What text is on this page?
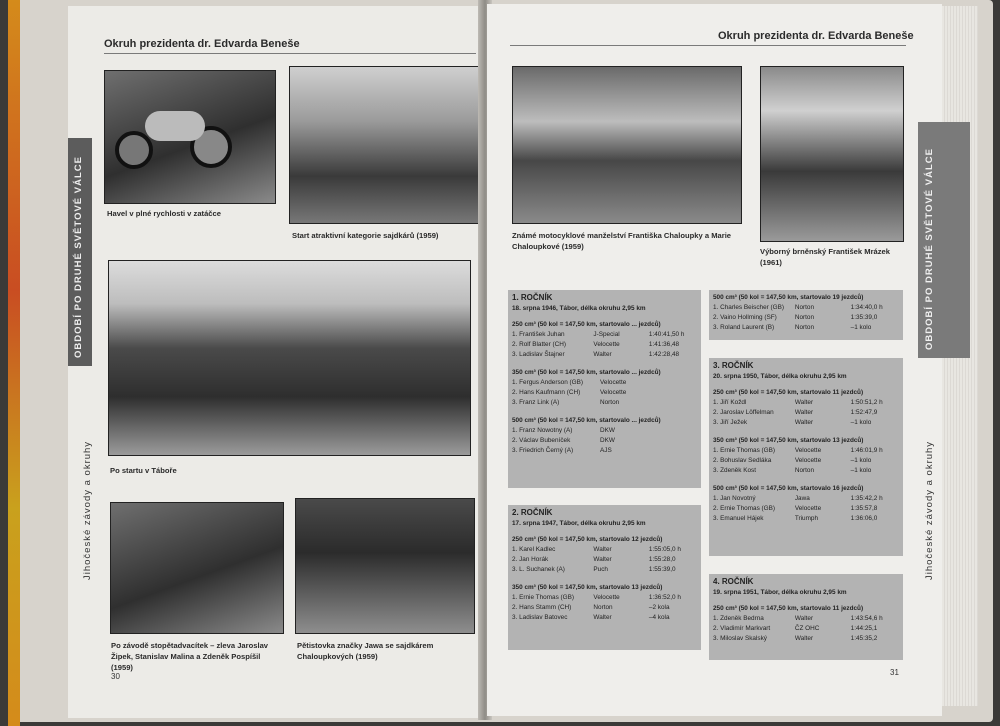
Okruh prezidenta dr. Edvarda Beneše
OBDOBÍ PO DRUHÉ SVĚTOVÉ VÁLCE
Jihočeské závody a okruhy
Havel v plné rychlosti v zatáčce
Start atraktivní kategorie sajdkárů (1959)
Po startu v Táboře
Po závodě stopětadvacítek – zleva Jaroslav Žipek, Stanislav Malina a Zdeněk Pospíšil (1959)
Pětistovka značky Jawa se sajdkárem Chaloupkových (1959)
30
Okruh prezidenta dr. Edvarda Beneše
OBDOBÍ PO DRUHÉ SVĚTOVÉ VÁLCE
Jihočeské závody a okruhy
Známé motocyklové manželství Františka Chaloupky a Marie Chaloupkové (1959)
Výborný brněnský František Mrázek (1961)
1. ROČNÍK
18. srpna 1946, Tábor, délka okruhu 2,95 km
250 cm³ (50 kol = 147,50 km, startovalo ... jezdců)
1. František Juhan	J-Special	1:40:41,50 h
2. Rolf Blatter (CH)	Velocette	1:41:36,48
3. Ladislav Štajner	Walter	1:42:28,48
350 cm³ (50 kol = 147,50 km, startovalo ... jezdců)
1. Fergus Anderson (GB)	Velocette
2. Hans Kaufmann (CH)	Velocette
3. Franz Link (A)	Norton
500 cm³ (50 kol = 147,50 km, startovalo ... jezdců)
1. Franz Nowotny (A)	DKW
2. Václav Bubeníček	DKW
3. Friedrich Černý (A)	AJS
2. ROČNÍK
17. srpna 1947, Tábor, délka okruhu 2,95 km
250 cm³ (50 kol = 147,50 km, startovalo 12 jezdců)
1. Karel Kadlec	Walter	1:55:05,0 h
2. Jan Horák	Walter	1:55:28,0
3. L. Suchanek (A)	Puch	1:55:39,0
350 cm³ (50 kol = 147,50 km, startovalo 13 jezdců)
1. Ernie Thomas (GB)	Velocette	1:36:52,0 h
2. Hans Stamm (CH)	Norton	–2 kola
3. Ladislav Batovec	Walter	–4 kola
500 cm³ (50 kol = 147,50 km, startovalo 19 jezdců)
1. Charles Beischer (GB)	Norton	1:34:40,0 h
2. Vaino Hollming (SF)	Norton	1:35:39,0
3. Roland Laurent (B)	Norton	–1 kolo
3. ROČNÍK
20. srpna 1950, Tábor, délka okruhu 2,95 km
250 cm³ (50 kol = 147,50 km, startovalo 11 jezdců)
1. Jiří Koždl	Walter	1:50:51,2 h
2. Jaroslav Löffelman	Walter	1:52:47,9
3. Jiří Ježek	Walter	–1 kolo
350 cm³ (50 kol = 147,50 km, startovalo 13 jezdců)
1. Ernie Thomas (GB)	Velocette	1:46:01,9 h
2. Bohuslav Sedláka	Velocette	–1 kolo
3. Zdeněk Kost	Norton	–1 kolo
500 cm³ (50 kol = 147,50 km, startovalo 16 jezdců)
1. Jan Novotný	Jawa	1:35:42,2 h
2. Ernie Thomas (GB)	Velocette	1:35:57,8
3. Emanuel Hájek	Triumph	1:36:06,0
4. ROČNÍK
19. srpna 1951, Tábor, délka okruhu 2,95 km
250 cm³ (50 kol = 147,50 km, startovalo 11 jezdců)
1. Zdeněk Bedrna	Walter	1:43:54,6 h
2. Vladimír Markvart	ČZ OHC	1:44:25,1
3. Miloslav Skalský	Walter	1:45:35,2
31
